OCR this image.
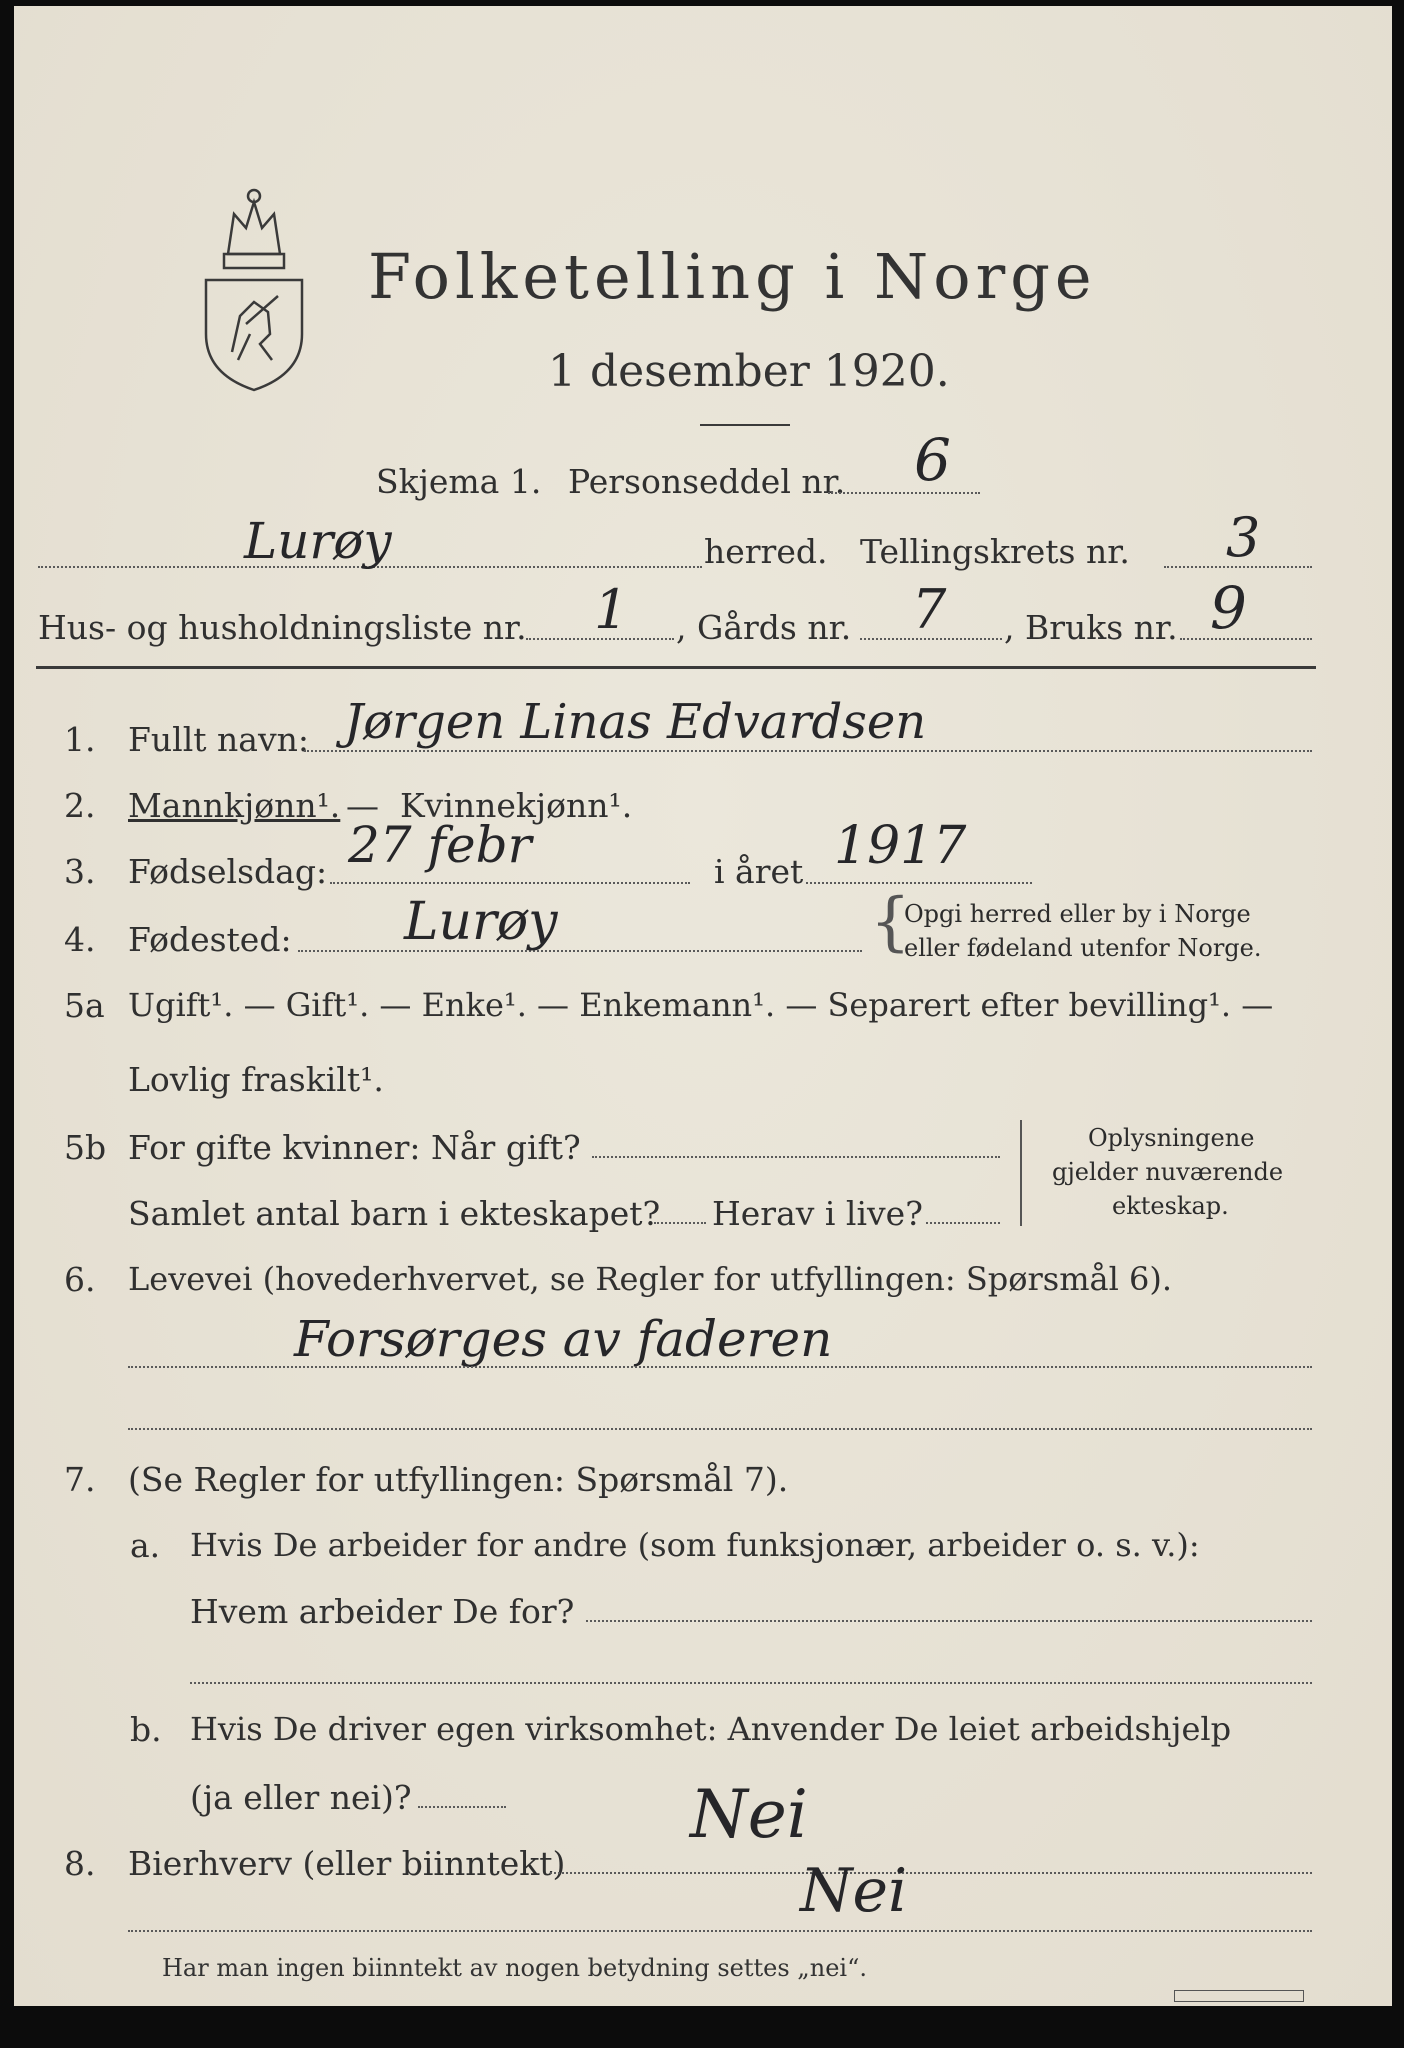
Folketelling i Norge
1 desember 1920.
Skjema 1. Personseddel nr. 6
Lurøy	herred. Tellingskrets nr. 3
Hus- og husholdningsliste nr. 1 , Gårds nr. 7 , Bruks nr. 9
1. Fullt navn: Jørgen Linas Edvardsen
2. Mannkjønn¹. — Kvinnekjønn¹.
3. Fødselsdag: 27 febr	i året 1917
4. Fødested: Lurøy	{
Opgi herred eller by i Norge
eller fødeland utenfor Norge.
5a Ugift¹. — Gift¹. — Enke¹. — Enkemann¹. — Separert efter bevilling¹. —
Lovlig fraskilt¹.
5b For gifte kvinner: Når gift?
Samlet antal barn i ekteskapet? Herav i live?
Oplysningene
gjelder nuværende
ekteskap.
6. Levevei (hovederhvervet, se Regler for utfyllingen: Spørsmål 6).
Forsørges av faderen
7. (Se Regler for utfyllingen: Spørsmål 7).
a. Hvis De arbeider for andre (som funksjonær, arbeider o. s. v.):
Hvem arbeider De for?
b. Hvis De driver egen virksomhet: Anvender De leiet arbeidshjelp
(ja eller nei)?	Nei
8. Bierhverv (eller biinntekt)	Nei
Har man ingen biinntekt av nogen betydning settes „nei“.
